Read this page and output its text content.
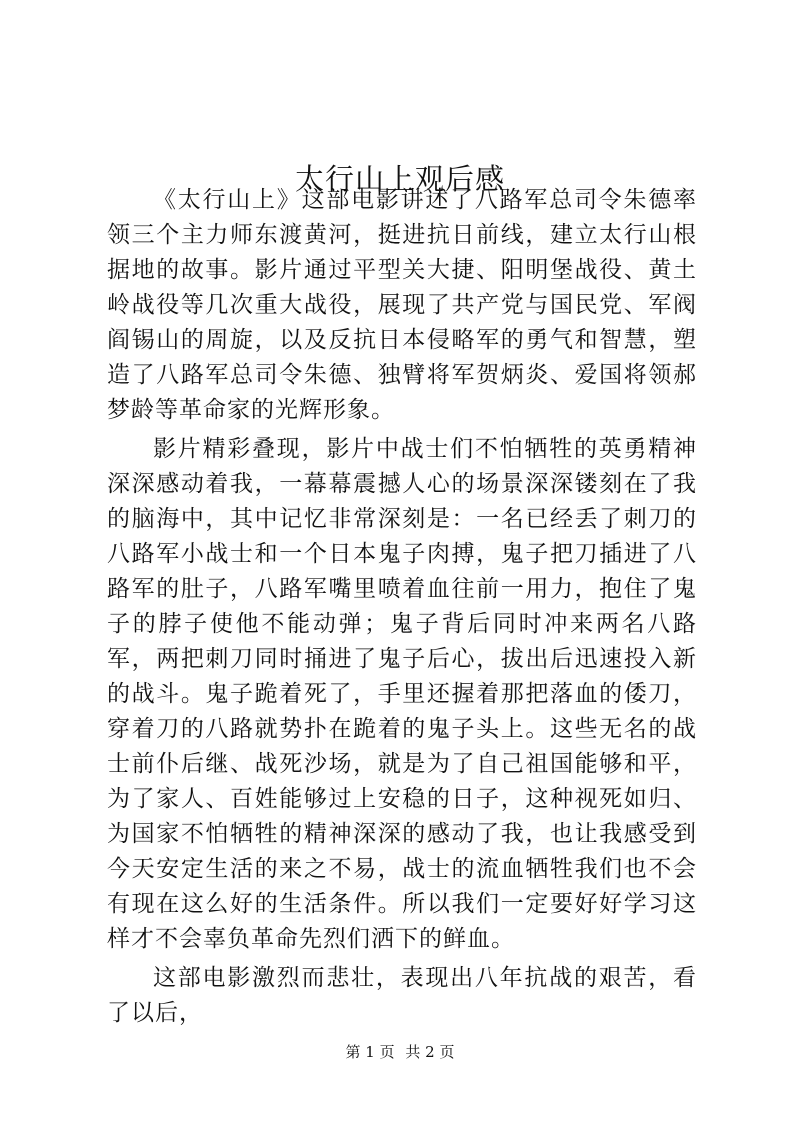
太行山上观后感

《太行山上》这部电影讲述了八路军总司令朱德率领三个主力师东渡黄河，挺进抗日前线，建立太行山根据地的故事。影片通过平型关大捷、阳明堡战役、黄土岭战役等几次重大战役，展现了共产党与国民党、军阀阎锡山的周旋，以及反抗日本侵略军的勇气和智慧，塑造了八路军总司令朱德、独臂将军贺炳炎、爱国将领郝梦龄等革命家的光辉形象。

影片精彩叠现，影片中战士们不怕牺牲的英勇精神深深感动着我，一幕幕震撼人心的场景深深镂刻在了我的脑海中，其中记忆非常深刻是：一名已经丢了刺刀的八路军小战士和一个日本鬼子肉搏，鬼子把刀插进了八路军的肚子，八路军嘴里喷着血往前一用力，抱住了鬼子的脖子使他不能动弹；鬼子背后同时冲来两名八路军，两把刺刀同时捅进了鬼子后心，拔出后迅速投入新的战斗。鬼子跪着死了，手里还握着那把落血的倭刀，穿着刀的八路就势扑在跪着的鬼子头上。这些无名的战士前仆后继、战死沙场，就是为了自己祖国能够和平，为了家人、百姓能够过上安稳的日子，这种视死如归、为国家不怕牺牲的精神深深的感动了我，也让我感受到今天安定生活的来之不易，战士的流血牺牲我们也不会有现在这么好的生活条件。所以我们一定要好好学习这样才不会辜负革命先烈们洒下的鲜血。

这部电影激烈而悲壮，表现出八年抗战的艰苦，看了以后，

第 1 页 共 2 页
